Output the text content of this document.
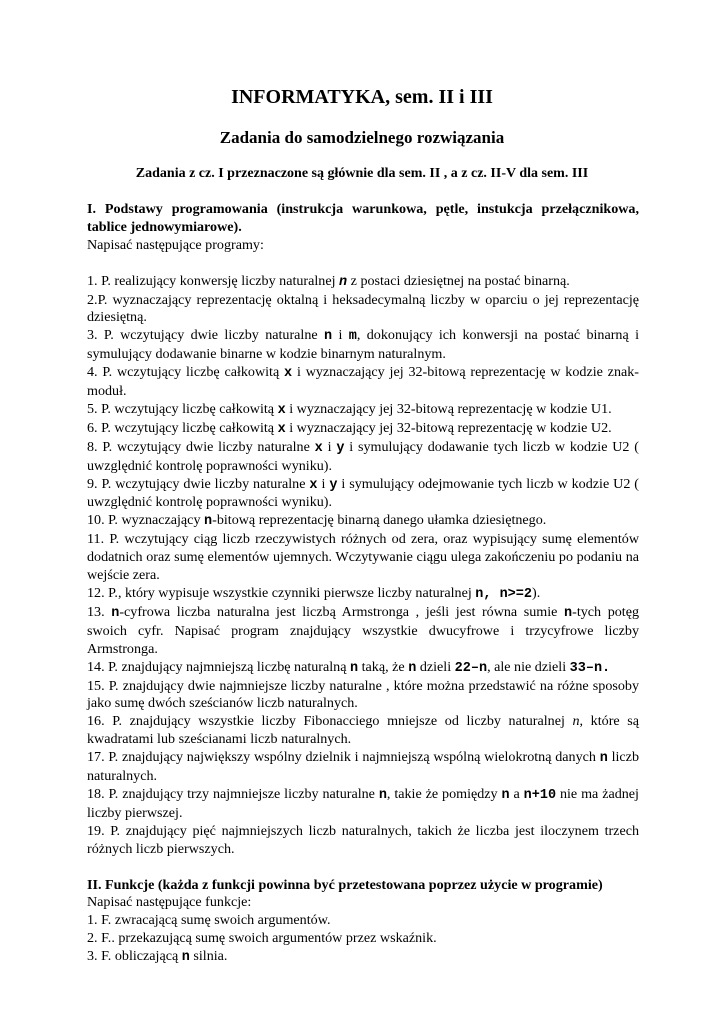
INFORMATYKA, sem. II i III
Zadania do samodzielnego rozwiązania
Zadania z cz. I przeznaczone są głównie dla sem. II , a z cz. II-V dla sem. III

I. Podstawy programowania (instrukcja warunkowa, pętle, instukcja przełącznikowa, tablice jednowymiarowe).

Napisać następujące programy:

1. P. realizujący konwersję liczby naturalnej n z postaci dziesiętnej na postać binarną.

2.P. wyznaczający reprezentację oktalną i heksadecymalną liczby w oparciu o jej reprezentację dziesiętną.

3. P. wczytujący dwie liczby naturalne n i m, dokonujący ich konwersji na postać binarną i symulujący dodawanie binarne w kodzie binarnym naturalnym.

4. P. wczytujący liczbę całkowitą x i wyznaczający jej 32-bitową reprezentację w kodzie znak-moduł.

5. P. wczytujący liczbę całkowitą x i wyznaczający jej 32-bitową reprezentację w kodzie U1.

6. P. wczytujący liczbę całkowitą x i wyznaczający jej 32-bitową reprezentację w kodzie U2.

8. P. wczytujący dwie liczby naturalne x i y i symulujący dodawanie tych liczb w kodzie U2 ( uwzględnić kontrolę poprawności wyniku).

9. P. wczytujący dwie liczby naturalne x i y i symulujący odejmowanie tych liczb w kodzie U2 ( uwzględnić kontrolę poprawności wyniku).

10. P. wyznaczający n-bitową reprezentację binarną danego ułamka dziesiętnego.

11. P. wczytujący ciąg liczb rzeczywistych różnych od zera, oraz wypisujący sumę elementów dodatnich oraz sumę elementów ujemnych. Wczytywanie ciągu ulega zakończeniu po podaniu na wejście zera.

12. P., który wypisuje wszystkie czynniki pierwsze liczby naturalnej n, n>=2).

13. n-cyfrowa liczba naturalna jest liczbą Armstronga , jeśli jest równa sumie n-tych potęg swoich cyfr. Napisać program znajdujący wszystkie dwucyfrowe i trzycyfrowe liczby Armstronga.

14. P. znajdujący najmniejszą liczbę naturalną n taką, że n dzieli 22–n, ale nie dzieli 33–n.

15. P. znajdujący dwie najmniejsze liczby naturalne , które można przedstawić na różne sposoby jako sumę dwóch sześcianów liczb naturalnych.

16. P. znajdujący wszystkie liczby Fibonacciego mniejsze od liczby naturalnej n, które są kwadratami lub sześcianami liczb naturalnych.

17. P. znajdujący największy wspólny dzielnik i najmniejszą wspólną wielokrotną danych n liczb naturalnych.

18. P. znajdujący trzy najmniejsze liczby naturalne n, takie że pomiędzy n a n+10 nie ma żadnej liczby pierwszej.

19. P. znajdujący pięć najmniejszych liczb naturalnych, takich że liczba jest iloczynem trzech różnych liczb pierwszych.

II. Funkcje (każda z funkcji powinna być przetestowana poprzez użycie w programie)

Napisać następujące funkcje:

1. F. zwracającą sumę swoich argumentów.

2. F.. przekazującą sumę swoich argumentów przez wskaźnik.

3. F. obliczającą n silnia.
